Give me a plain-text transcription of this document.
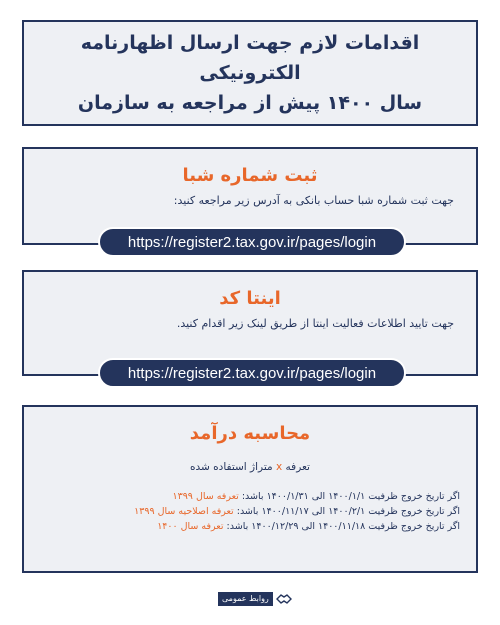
اقدامات لازم جهت ارسال اظهارنامه الکترونیکی
سال ۱۴۰۰ پیش از مراجعه به سازمان
ثبت شماره شبا
جهت ثبت شماره شبا حساب بانکی به آدرس زیر مراجعه کنید:
https://register2.tax.gov.ir/pages/login
اینتا کد
جهت تایید اطلاعات فعالیت اینتا از طریق لینک زیر اقدام کنید.
https://register2.tax.gov.ir/pages/login
محاسبه درآمد
تعرفه x متراژ استفاده شده
اگر تاریخ خروج ظرفیت ۱۴۰۰/۱/۱ الی ۱۴۰۰/۱/۳۱ باشد: تعرفه سال ۱۳۹۹
اگر تاریخ خروج ظرفیت ۱۴۰۰/۲/۱ الی ۱۴۰۰/۱۱/۱۷ باشد: تعرفه اصلاحیه سال ۱۳۹۹
اگر تاریخ خروج ظرفیت ۱۴۰۰/۱۱/۱۸ الی ۱۴۰۰/۱۲/۲۹ باشد: تعرفه سال ۱۴۰۰
روابط عمومی
